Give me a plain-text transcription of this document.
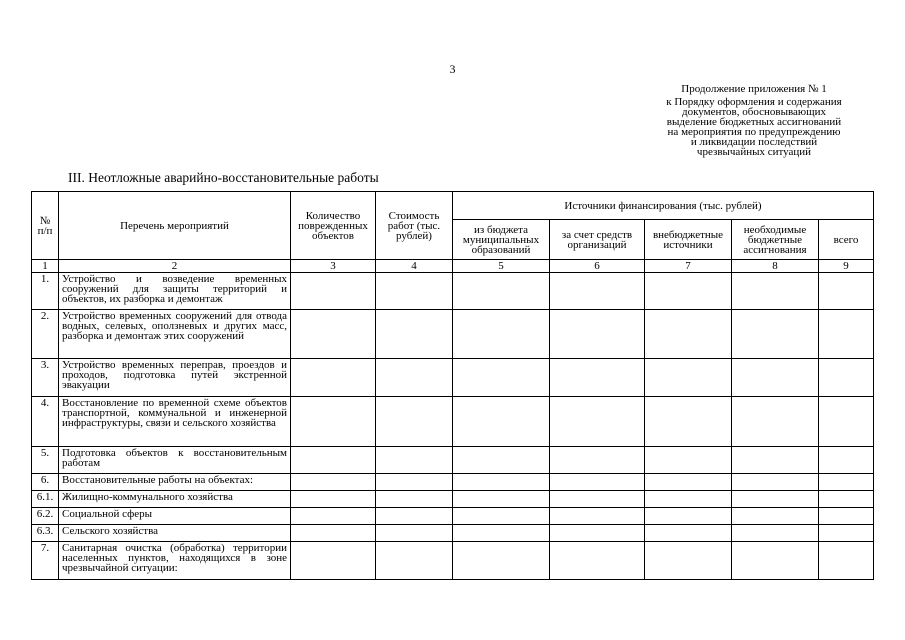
3
Продолжение приложения № 1
к Порядку оформления и содержания
документов, обосновывающих
выделение бюджетных ассигнований
на мероприятия по предупреждению
и ликвидации последствий
чрезвычайных ситуаций
III. Неотложные аварийно-восстановительные работы
№ п/п	Перечень мероприятий	Количество поврежденных объектов	Стоимость работ (тыс. рублей)	Источники финансирования (тыс. рублей)				
				из бюджета муниципальных образований	за счет средств организаций	внебюджетные источники	необходимые бюджетные ассигнования	всего
1	2	3	4	5	6	7	8	9
1.	Устройство и возведение временных сооружений для защиты территорий и объектов, их разборка и демонтаж							
2.	Устройство временных сооружений для отвода водных, селевых, оползневых и других масс, разборка и демонтаж этих сооружений							
3.	Устройство временных переправ, проездов и проходов, подготовка путей экстренной эвакуации							
4.	Восстановление по временной схеме объектов транспортной, коммунальной и инженерной инфраструктуры, связи и сельского хозяйства							
5.	Подготовка объектов к восстановительным работам							
6.	Восстановительные работы на объектах:							
6.1.	Жилищно-коммунального хозяйства							
6.2.	Социальной сферы							
6.3.	Сельского хозяйства							
7.	Санитарная очистка (обработка) территории населенных пунктов, находящихся в зоне чрезвычайной ситуации:							
